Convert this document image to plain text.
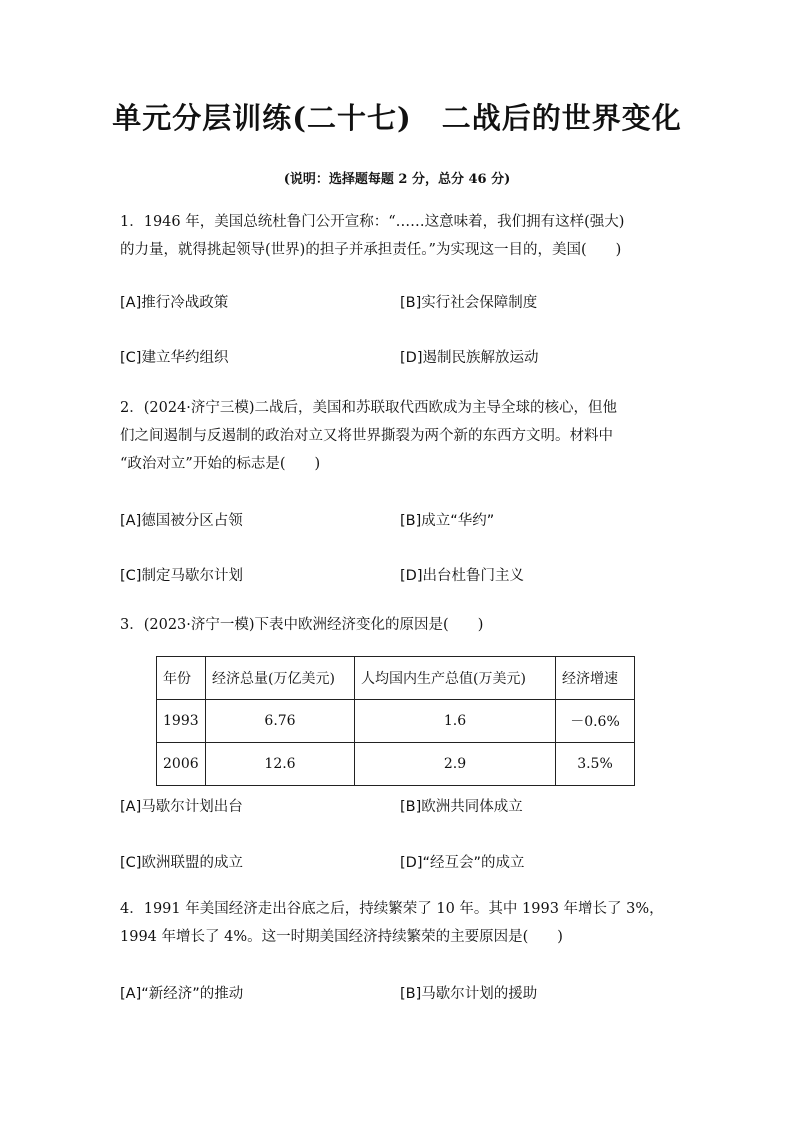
单元分层训练(二十七)　二战后的世界变化
(说明：选择题每题 2 分，总分 46 分)

1．1946 年，美国总统杜鲁门公开宣称：“……这意味着，我们拥有这样(强大)

的力量，就得挑起领导(世界)的担子并承担责任。”为实现这一目的，美国(　　)

[A]推行冷战政策	[B]实行社会保障制度
[C]建立华约组织	[D]遏制民族解放运动

2．(2024·济宁三模)二战后，美国和苏联取代西欧成为主导全球的核心，但他

们之间遏制与反遏制的政治对立又将世界撕裂为两个新的东西方文明。材料中

“政治对立”开始的标志是(　　)

[A]德国被分区占领	[B]成立“华约”
[C]制定马歇尔计划	[D]出台杜鲁门主义

3．(2023·济宁一模)下表中欧洲经济变化的原因是(　　)

年份	经济总量(万亿美元)	人均国内生产总值(万美元)	经济增速
1993	6.76	1.6	－0.6%
2006	12.6	2.9	3.5%
[A]马歇尔计划出台	[B]欧洲共同体成立
[C]欧洲联盟的成立	[D]“经互会”的成立

4．1991 年美国经济走出谷底之后，持续繁荣了 10 年。其中 1993 年增长了 3%，

1994 年增长了 4%。这一时期美国经济持续繁荣的主要原因是(　　)

[A]“新经济”的推动	[B]马歇尔计划的援助
